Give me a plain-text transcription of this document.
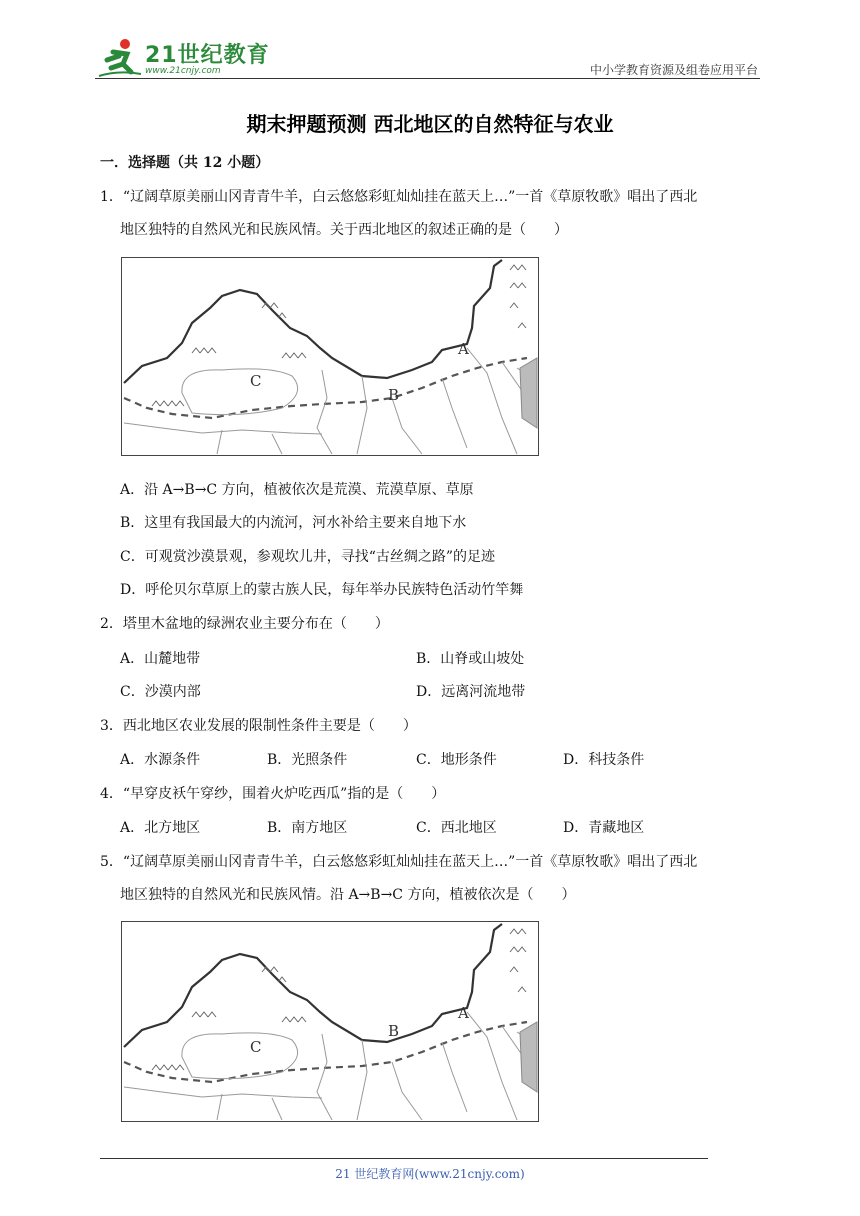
21世纪教育
www.21cnjy.com	中小学教育资源及组卷应用平台
期末押题预测 西北地区的自然特征与农业
一．选择题（共 12 小题）
1．“辽阔草原美丽山冈青青牛羊，白云悠悠彩虹灿灿挂在蓝天上…”一首《草原牧歌》唱出了西北
地区独特的自然风光和民族风情。关于西北地区的叙述正确的是（　　）
A
B
C
A．沿 A→B→C 方向，植被依次是荒漠、荒漠草原、草原
B．这里有我国最大的内流河，河水补给主要来自地下水
C．可观赏沙漠景观，参观坎儿井，寻找“古丝绸之路”的足迹
D．呼伦贝尔草原上的蒙古族人民，每年举办民族特色活动竹竿舞
2．塔里木盆地的绿洲农业主要分布在（　　）
A．山麓地带	B．山脊或山坡处
C．沙漠内部	D．远离河流地带
3．西北地区农业发展的限制性条件主要是（　　）
A．水源条件	B．光照条件	C．地形条件	D．科技条件
4．“早穿皮袄午穿纱，围着火炉吃西瓜”指的是（　　）
A．北方地区	B．南方地区	C．西北地区	D．青藏地区
5．“辽阔草原美丽山冈青青牛羊，白云悠悠彩虹灿灿挂在蓝天上…”一首《草原牧歌》唱出了西北
地区独特的自然风光和民族风情。沿 A→B→C 方向，植被依次是（　　）
A
B
C
21 世纪教育网(www.21cnjy.com)
